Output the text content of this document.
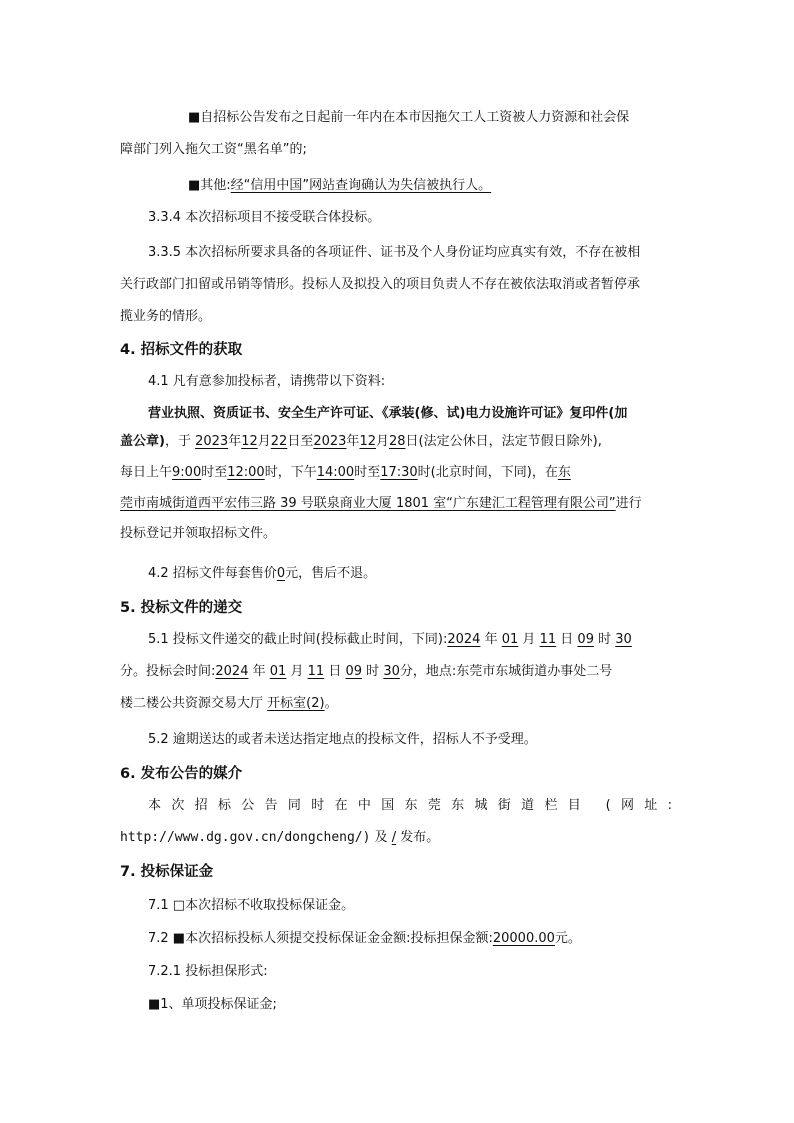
■自招标公告发布之日起前一年内在本市因拖欠工人工资被人力资源和社会保
障部门列入拖欠工资“黑名单”的;
■其他:经“信用中国”网站查询确认为失信被执行人。
3.3.4 本次招标项目不接受联合体投标。
3.3.5 本次招标所要求具备的各项证件、证书及个人身份证均应真实有效，不存在被相
关行政部门扣留或吊销等情形。投标人及拟投入的项目负责人不存在被依法取消或者暂停承
揽业务的情形。
4. 招标文件的获取
4.1 凡有意参加投标者，请携带以下资料:
营业执照、资质证书、安全生产许可证、《承装(修、试)电力设施许可证》复印件(加
盖公章)，于 2023年12月22日至2023年12月28日(法定公休日，法定节假日除外),
每日上午9:00时至12:00时，下午14:00时至17:30时(北京时间，下同)，在东
莞市南城街道西平宏伟三路 39 号联泉商业大厦 1801 室“广东建汇工程管理有限公司”进行
投标登记并领取招标文件。
4.2 招标文件每套售价0元，售后不退。
5. 投标文件的递交
5.1 投标文件递交的截止时间(投标截止时间，下同):2024 年 01 月 11 日 09 时 30
分。投标会时间:2024 年 01 月 11 日 09 时 30分，地点:东莞市东城街道办事处二号
楼二楼公共资源交易大厅 开标室(2)。
5.2 逾期送达的或者未送达指定地点的投标文件，招标人不予受理。
6. 发布公告的媒介
本次招标公告同时在中国东莞东城街道栏目 (网址:
http://www.dg.gov.cn/dongcheng/) 及 / 发布。
7. 投标保证金
7.1 □本次招标不收取投标保证金。
7.2 ■本次招标投标人须提交投标保证金金额:投标担保金额:20000.00元。
7.2.1 投标担保形式:
■1、单项投标保证金;
